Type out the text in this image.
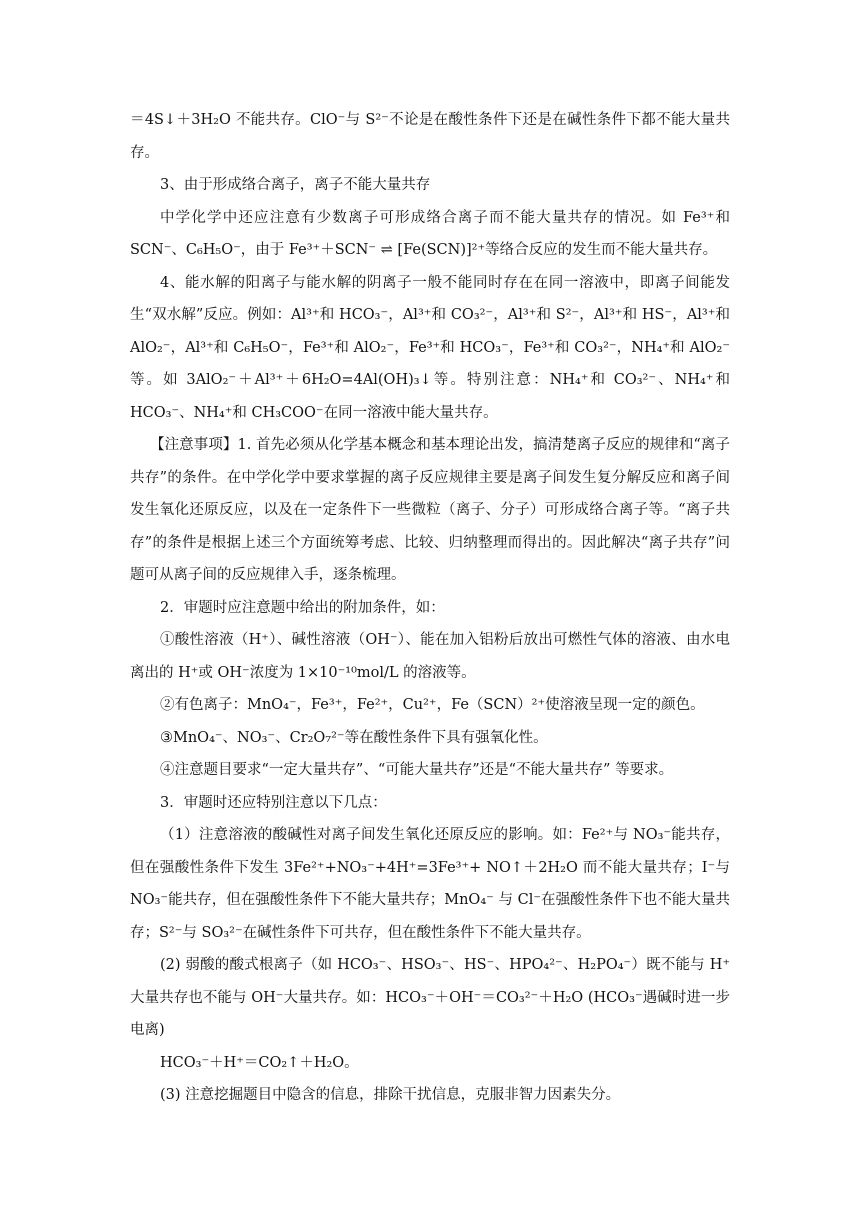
＝4S↓＋3H₂O 不能共存。ClO⁻与 S²⁻不论是在酸性条件下还是在碱性条件下都不能大量共存。

3、由于形成络合离子，离子不能大量共存

中学化学中还应注意有少数离子可形成络合离子而不能大量共存的情况。如 Fe³⁺和 SCN⁻、C₆H₅O⁻，由于 Fe³⁺＋SCN⁻ ⇌ [Fe(SCN)]²⁺等络合反应的发生而不能大量共存。

4、能水解的阳离子与能水解的阴离子一般不能同时存在在同一溶液中，即离子间能发生“双水解”反应。例如：Al³⁺和 HCO₃⁻，Al³⁺和 CO₃²⁻，Al³⁺和 S²⁻，Al³⁺和 HS⁻，Al³⁺和 AlO₂⁻，Al³⁺和 C₆H₅O⁻，Fe³⁺和 AlO₂⁻，Fe³⁺和 HCO₃⁻，Fe³⁺和 CO₃²⁻，NH₄⁺和 AlO₂⁻等。如 3AlO₂⁻＋Al³⁺＋6H₂O=4Al(OH)₃↓等。特别注意：NH₄⁺和 CO₃²⁻、NH₄⁺和 HCO₃⁻、NH₄⁺和 CH₃COO⁻在同一溶液中能大量共存。

【注意事项】1. 首先必须从化学基本概念和基本理论出发，搞清楚离子反应的规律和“离子共存”的条件。在中学化学中要求掌握的离子反应规律主要是离子间发生复分解反应和离子间发生氧化还原反应，以及在一定条件下一些微粒（离子、分子）可形成络合离子等。“离子共存”的条件是根据上述三个方面统筹考虑、比较、归纳整理而得出的。因此解决“离子共存”问题可从离子间的反应规律入手，逐条梳理。

2．审题时应注意题中给出的附加条件，如：

①酸性溶液（H⁺）、碱性溶液（OH⁻）、能在加入铝粉后放出可燃性气体的溶液、由水电离出的 H⁺或 OH⁻浓度为 1×10⁻¹⁰mol/L 的溶液等。

②有色离子：MnO₄⁻，Fe³⁺，Fe²⁺，Cu²⁺，Fe（SCN）²⁺使溶液呈现一定的颜色。

③MnO₄⁻、NO₃⁻、Cr₂O₇²⁻等在酸性条件下具有强氧化性。

④注意题目要求“一定大量共存”、“可能大量共存”还是“不能大量共存” 等要求。

3．审题时还应特别注意以下几点：

（1）注意溶液的酸碱性对离子间发生氧化还原反应的影响。如：Fe²⁺与 NO₃⁻能共存，但在强酸性条件下发生 3Fe²⁺+NO₃⁻+4H⁺=3Fe³⁺+ NO↑＋2H₂O 而不能大量共存；I⁻与 NO₃⁻能共存，但在强酸性条件下不能大量共存；MnO₄⁻ 与 Cl⁻在强酸性条件下也不能大量共存；S²⁻与 SO₃²⁻在碱性条件下可共存，但在酸性条件下不能大量共存。

(2) 弱酸的酸式根离子（如 HCO₃⁻、HSO₃⁻、HS⁻、HPO₄²⁻、H₂PO₄⁻）既不能与 H⁺大量共存也不能与 OH⁻大量共存。如：HCO₃⁻＋OH⁻＝CO₃²⁻＋H₂O (HCO₃⁻遇碱时进一步电离)

HCO₃⁻＋H⁺＝CO₂↑＋H₂O。

(3) 注意挖掘题目中隐含的信息，排除干扰信息，克服非智力因素失分。
